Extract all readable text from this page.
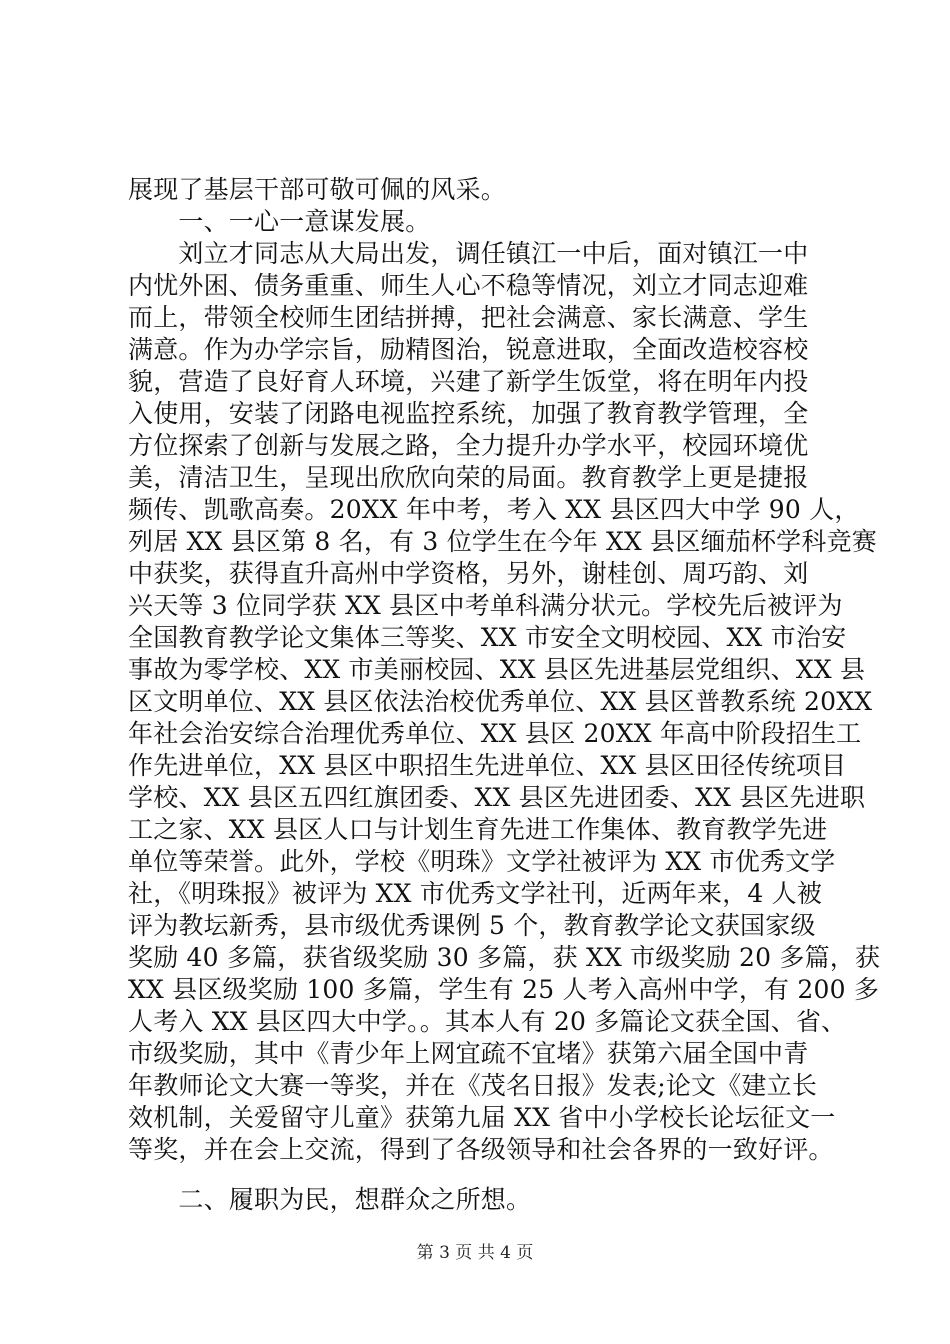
展现了基层干部可敬可佩的风采。
　　一、一心一意谋发展。
　　刘立才同志从大局出发，调任镇江一中后，面对镇江一中
内忧外困、债务重重、师生人心不稳等情况，刘立才同志迎难
而上，带领全校师生团结拼搏，把社会满意、家长满意、学生
满意。作为办学宗旨，励精图治，锐意进取，全面改造校容校
貌，营造了良好育人环境，兴建了新学生饭堂，将在明年内投
入使用，安装了闭路电视监控系统，加强了教育教学管理，全
方位探索了创新与发展之路，全力提升办学水平，校园环境优
美，清洁卫生，呈现出欣欣向荣的局面。教育教学上更是捷报
频传、凯歌高奏。20XX 年中考，考入 XX 县区四大中学 90 人，
列居 XX 县区第 8 名，有 3 位学生在今年 XX 县区缅茄杯学科竞赛
中获奖，获得直升高州中学资格，另外，谢桂创、周巧韵、刘
兴天等 3 位同学获 XX 县区中考单科满分状元。学校先后被评为
全国教育教学论文集体三等奖、XX 市安全文明校园、XX 市治安
事故为零学校、XX 市美丽校园、XX 县区先进基层党组织、XX 县
区文明单位、XX 县区依法治校优秀单位、XX 县区普教系统 20XX
年社会治安综合治理优秀单位、XX 县区 20XX 年高中阶段招生工
作先进单位，XX 县区中职招生先进单位、XX 县区田径传统项目
学校、XX 县区五四红旗团委、XX 县区先进团委、XX 县区先进职
工之家、XX 县区人口与计划生育先进工作集体、教育教学先进
单位等荣誉。此外，学校《明珠》文学社被评为 XX 市优秀文学
社，《明珠报》被评为 XX 市优秀文学社刊，近两年来，4 人被
评为教坛新秀，县市级优秀课例 5 个，教育教学论文获国家级
奖励 40 多篇，获省级奖励 30 多篇，获 XX 市级奖励 20 多篇，获
XX 县区级奖励 100 多篇，学生有 25 人考入高州中学，有 200 多
人考入 XX 县区四大中学。。其本人有 20 多篇论文获全国、省、
市级奖励，其中《青少年上网宜疏不宜堵》获第六届全国中青
年教师论文大赛一等奖，并在《茂名日报》发表;论文《建立长
效机制，关爱留守儿童》获第九届 XX 省中小学校长论坛征文一
等奖，并在会上交流，得到了各级领导和社会各界的一致好评。
　　二、履职为民，想群众之所想。
第 3 页 共 4 页
